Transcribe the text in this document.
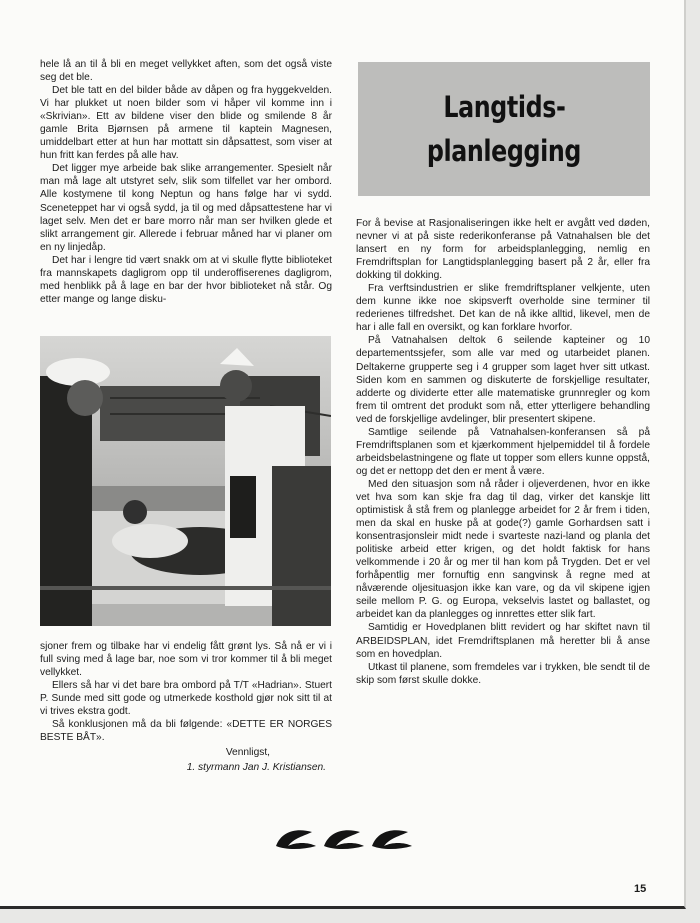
hele lå an til å bli en meget vellykket aften, som det også viste seg det ble.

Det ble tatt en del bilder både av dåpen og fra hyggekvelden. Vi har plukket ut noen bilder som vi håper vil komme inn i «Skrivian». Ett av bildene viser den blide og smilende 8 år gamle Brita Bjørnsen på armene til kaptein Magnesen, umiddelbart etter at hun har mottatt sin dåpsattest, som viser at hun fritt kan ferdes på alle hav.

Det ligger mye arbeide bak slike arrangementer. Spesielt når man må lage alt utstyret selv, slik som tilfellet var her ombord. Alle kostymene til kong Neptun og hans følge har vi sydd. Sceneteppet har vi også sydd, ja til og med dåpsattestene har vi laget selv. Men det er bare morro når man ser hvilken glede et slikt arrangement gir. Allerede i februar måned har vi planer om en ny linjedåp.

Det har i lengre tid vært snakk om at vi skulle flytte biblioteket fra mannskapets dagligrom opp til underoffiserenes dagligrom, med henblikk på å lage en bar der hvor biblioteket nå står. Og etter mange og lange disku-

sjoner frem og tilbake har vi endelig fått grønt lys. Så nå er vi i full sving med å lage bar, noe som vi tror kommer til å bli meget vellykket.

Ellers så har vi det bare bra ombord på T/T «Hadrian». Stuert P. Sunde med sitt gode og utmerkede kosthold gjør nok sitt til at vi trives ekstra godt.

Så konklusjonen må da bli følgende: «DETTE ER NORGES BESTE BÅT».

Vennligst,
1. styrmann Jan J. Kristiansen.
Langtids-
planlegging

For å bevise at Rasjonaliseringen ikke helt er avgått ved døden, nevner vi at på siste rederikonferanse på Vatnahalsen ble det lansert en ny form for arbeidsplanlegging, nemlig en Fremdriftsplan for Langtidsplanlegging basert på 2 år, eller fra dokking til dokking.

Fra verftsindustrien er slike fremdriftsplaner velkjente, uten dem kunne ikke noe skipsverft overholde sine terminer til rederienes tilfredshet. Det kan de nå ikke alltid, likevel, men de har i alle fall en oversikt, og kan forklare hvorfor.

På Vatnahalsen deltok 6 seilende kapteiner og 10 departementssjefer, som alle var med og utarbeidet planen. Deltakerne grupperte seg i 4 grupper som laget hver sitt utkast. Siden kom en sammen og diskuterte de forskjellige resultater, adderte og dividerte etter alle matematiske grunnregler og kom frem til omtrent det produkt som nå, etter ytterligere behandling ved de forskjellige avdelinger, blir presentert skipene.

Samtlige seilende på Vatnahalsen-konferansen så på Fremdriftsplanen som et kjærkomment hjelpemiddel til å fordele arbeidsbelastningene og flate ut topper som ellers kunne oppstå, og det er nettopp det den er ment å være.

Med den situasjon som nå råder i oljeverdenen, hvor en ikke vet hva som kan skje fra dag til dag, virker det kanskje litt optimistisk å stå frem og planlegge arbeidet for 2 år frem i tiden, men da skal en huske på at gode(?) gamle Gorhardsen satt i konsentrasjonsleir midt nede i svarteste nazi-land og planla det politiske arbeid etter krigen, og det holdt faktisk for hans velkommende i 20 år og mer til han kom på Trygden. Det er vel forhåpentlig mer fornuftig enn sangvinsk å regne med at nåværende oljesituasjon ikke kan vare, og da vil skipene igjen seile mellom P. G. og Europa, vekselvis lastet og ballastet, og arbeidet kan da planlegges og innrettes etter slik fart.

Samtidig er Hovedplanen blitt revidert og har skiftet navn til ARBEIDSPLAN, idet Fremdriftsplanen må heretter bli å anse som en hovedplan.

Utkast til planene, som fremdeles var i trykken, ble sendt til de skip som først skulle dokke.

15
